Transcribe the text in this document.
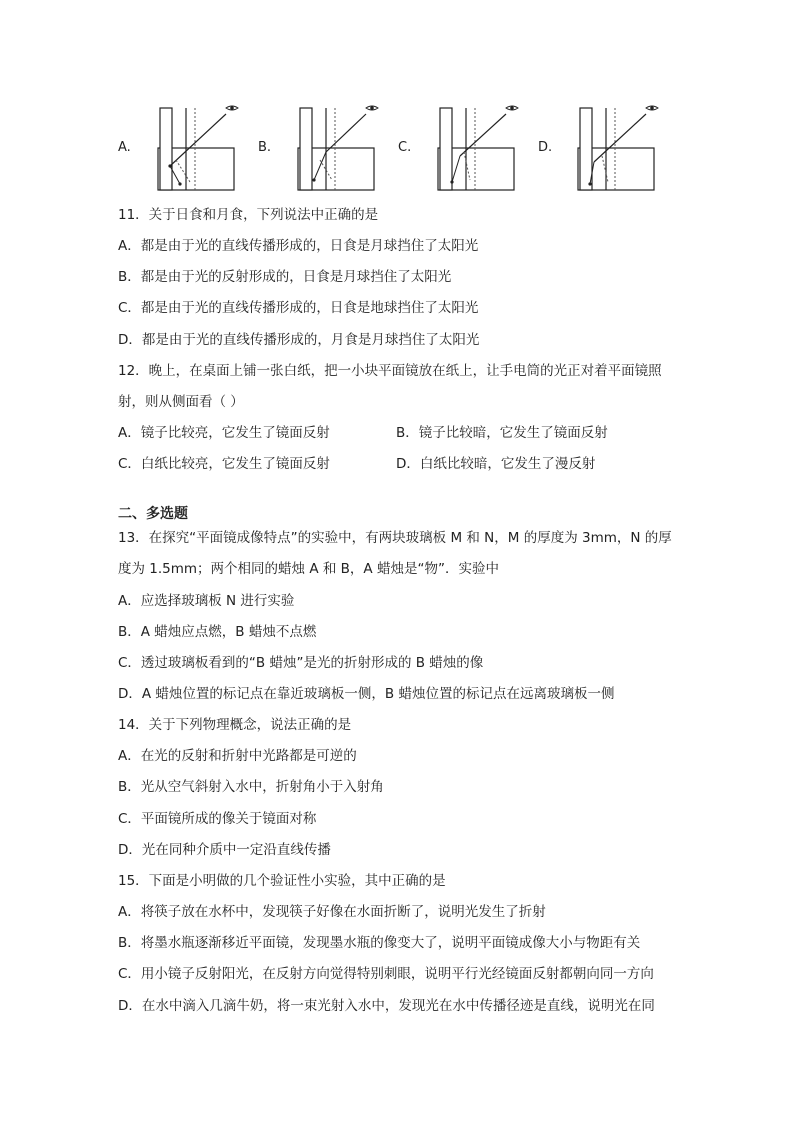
A.	B.	C.	D.
11．关于日食和月食，下列说法中正确的是
A．都是由于光的直线传播形成的，日食是月球挡住了太阳光
B．都是由于光的反射形成的，日食是月球挡住了太阳光
C．都是由于光的直线传播形成的，日食是地球挡住了太阳光
D．都是由于光的直线传播形成的，月食是月球挡住了太阳光
12．晚上，在桌面上铺一张白纸，把一小块平面镜放在纸上，让手电筒的光正对着平面镜照
射，则从侧面看（ ）
A．镜子比较亮，它发生了镜面反射	B．镜子比较暗，它发生了镜面反射
C．白纸比较亮，它发生了镜面反射	D．白纸比较暗，它发生了漫反射
二、多选题
13．在探究“平面镜成像特点”的实验中，有两块玻璃板 M 和 N，M 的厚度为 3mm，N 的厚
度为 1.5mm；两个相同的蜡烛 A 和 B，A 蜡烛是“物”．实验中
A．应选择玻璃板 N 进行实验
B．A 蜡烛应点燃，B 蜡烛不点燃
C．透过玻璃板看到的“B 蜡烛”是光的折射形成的 B 蜡烛的像
D．A 蜡烛位置的标记点在靠近玻璃板一侧，B 蜡烛位置的标记点在远离玻璃板一侧
14．关于下列物理概念，说法正确的是
A．在光的反射和折射中光路都是可逆的
B．光从空气斜射入水中，折射角小于入射角
C．平面镜所成的像关于镜面对称
D．光在同种介质中一定沿直线传播
15．下面是小明做的几个验证性小实验，其中正确的是
A．将筷子放在水杯中，发现筷子好像在水面折断了，说明光发生了折射
B．将墨水瓶逐渐移近平面镜，发现墨水瓶的像变大了，说明平面镜成像大小与物距有关
C．用小镜子反射阳光，在反射方向觉得特别刺眼，说明平行光经镜面反射都朝向同一方向
D．在水中滴入几滴牛奶，将一束光射入水中，发现光在水中传播径迹是直线，说明光在同
